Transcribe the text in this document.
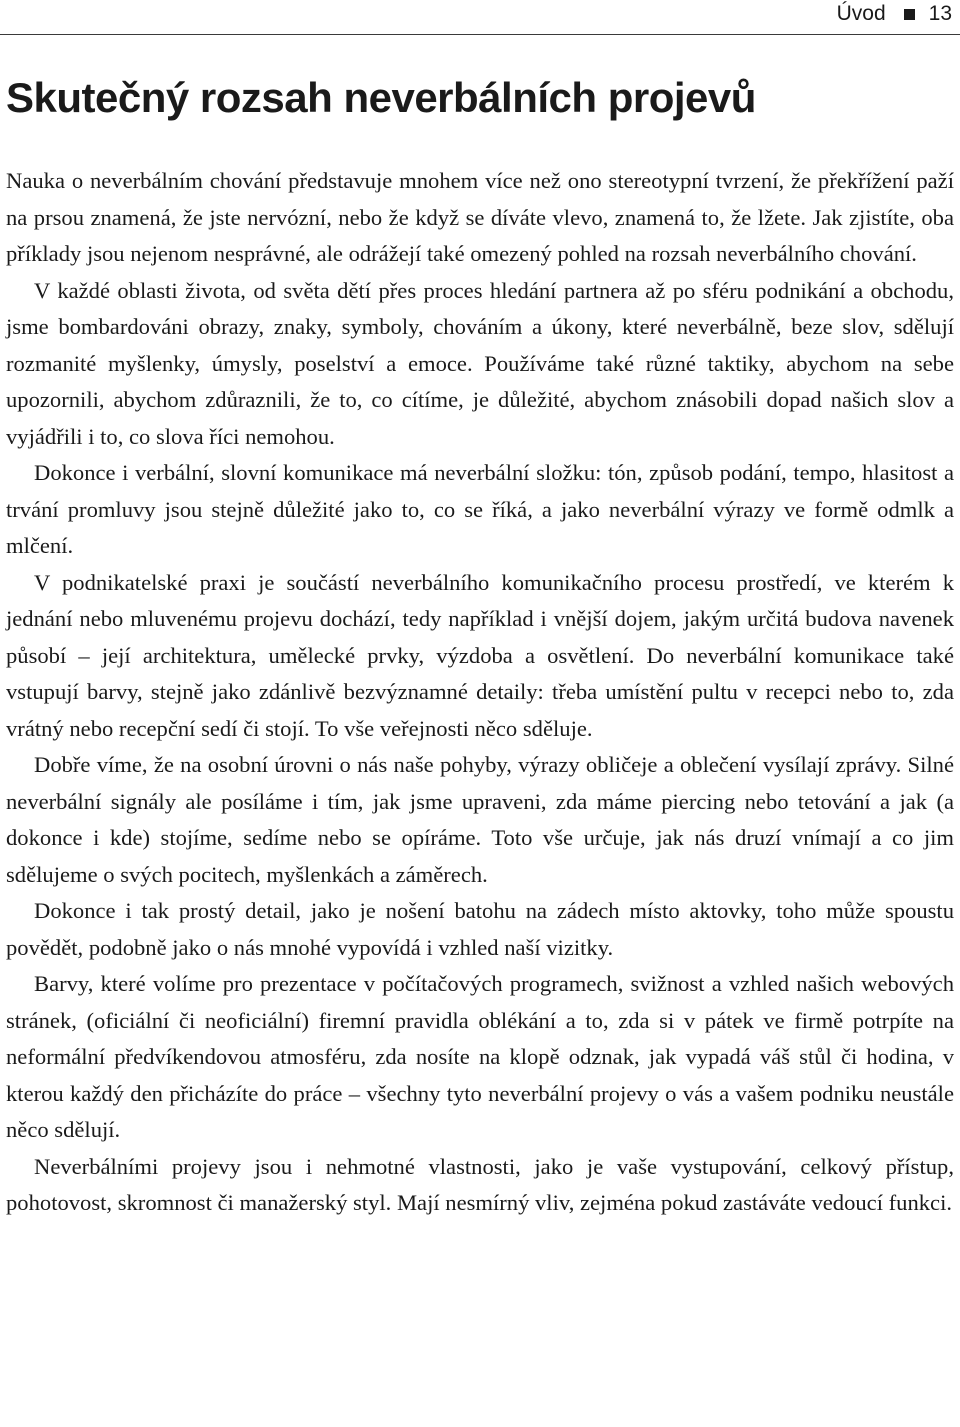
Úvod 13
Skutečný rozsah neverbálních projevů

Nauka o neverbálním chování představuje mnohem více než ono stereotypní tvrzení, že překřížení paží na prsou znamená, že jste nervózní, nebo že když se díváte vlevo, znamená to, že lžete. Jak zjistíte, oba příklady jsou nejenom nesprávné, ale odrážejí také omezený pohled na rozsah neverbálního chování.

V každé oblasti života, od světa dětí přes proces hledání partnera až po sféru podnikání a obchodu, jsme bombardováni obrazy, znaky, symboly, chováním a úkony, které neverbálně, beze slov, sdělují rozmanité myšlenky, úmysly, poselství a emoce. Používáme také různé taktiky, abychom na sebe upozornili, abychom zdůraznili, že to, co cítíme, je důležité, abychom znásobili dopad našich slov a vyjádřili i to, co slova říci nemohou.

Dokonce i verbální, slovní komunikace má neverbální složku: tón, způsob podání, tempo, hlasitost a trvání promluvy jsou stejně důležité jako to, co se říká, a jako neverbální výrazy ve formě odmlk a mlčení.

V podnikatelské praxi je součástí neverbálního komunikačního procesu prostředí, ve kterém k jednání nebo mluvenému projevu dochází, tedy například i vnější dojem, jakým určitá budova navenek působí – její architektura, umělecké prvky, výzdoba a osvětlení. Do neverbální komunikace také vstupují barvy, stejně jako zdánlivě bezvýznamné detaily: třeba umístění pultu v recepci nebo to, zda vrátný nebo recepční sedí či stojí. To vše veřejnosti něco sděluje.

Dobře víme, že na osobní úrovni o nás naše pohyby, výrazy obličeje a oblečení vysílají zprávy. Silné neverbální signály ale posíláme i tím, jak jsme upraveni, zda máme piercing nebo tetování a jak (a dokonce i kde) stojíme, sedíme nebo se opíráme. Toto vše určuje, jak nás druzí vnímají a co jim sdělujeme o svých pocitech, myšlenkách a záměrech.

Dokonce i tak prostý detail, jako je nošení batohu na zádech místo aktovky, toho může spoustu povědět, podobně jako o nás mnohé vypovídá i vzhled naší vizitky.

Barvy, které volíme pro prezentace v počítačových programech, svižnost a vzhled našich webových stránek, (oficiální či neoficiální) firemní pravidla oblékání a to, zda si v pátek ve firmě potrpíte na neformální předvíkendovou atmosféru, zda nosíte na klopě odznak, jak vypadá váš stůl či hodina, v kterou každý den přicházíte do práce – všechny tyto neverbální projevy o vás a vašem podniku neustále něco sdělují.

Neverbálními projevy jsou i nehmotné vlastnosti, jako je vaše vystupování, celkový přístup, pohotovost, skromnost či manažerský styl. Mají nesmírný vliv, zejména pokud zastáváte vedoucí funkci.
